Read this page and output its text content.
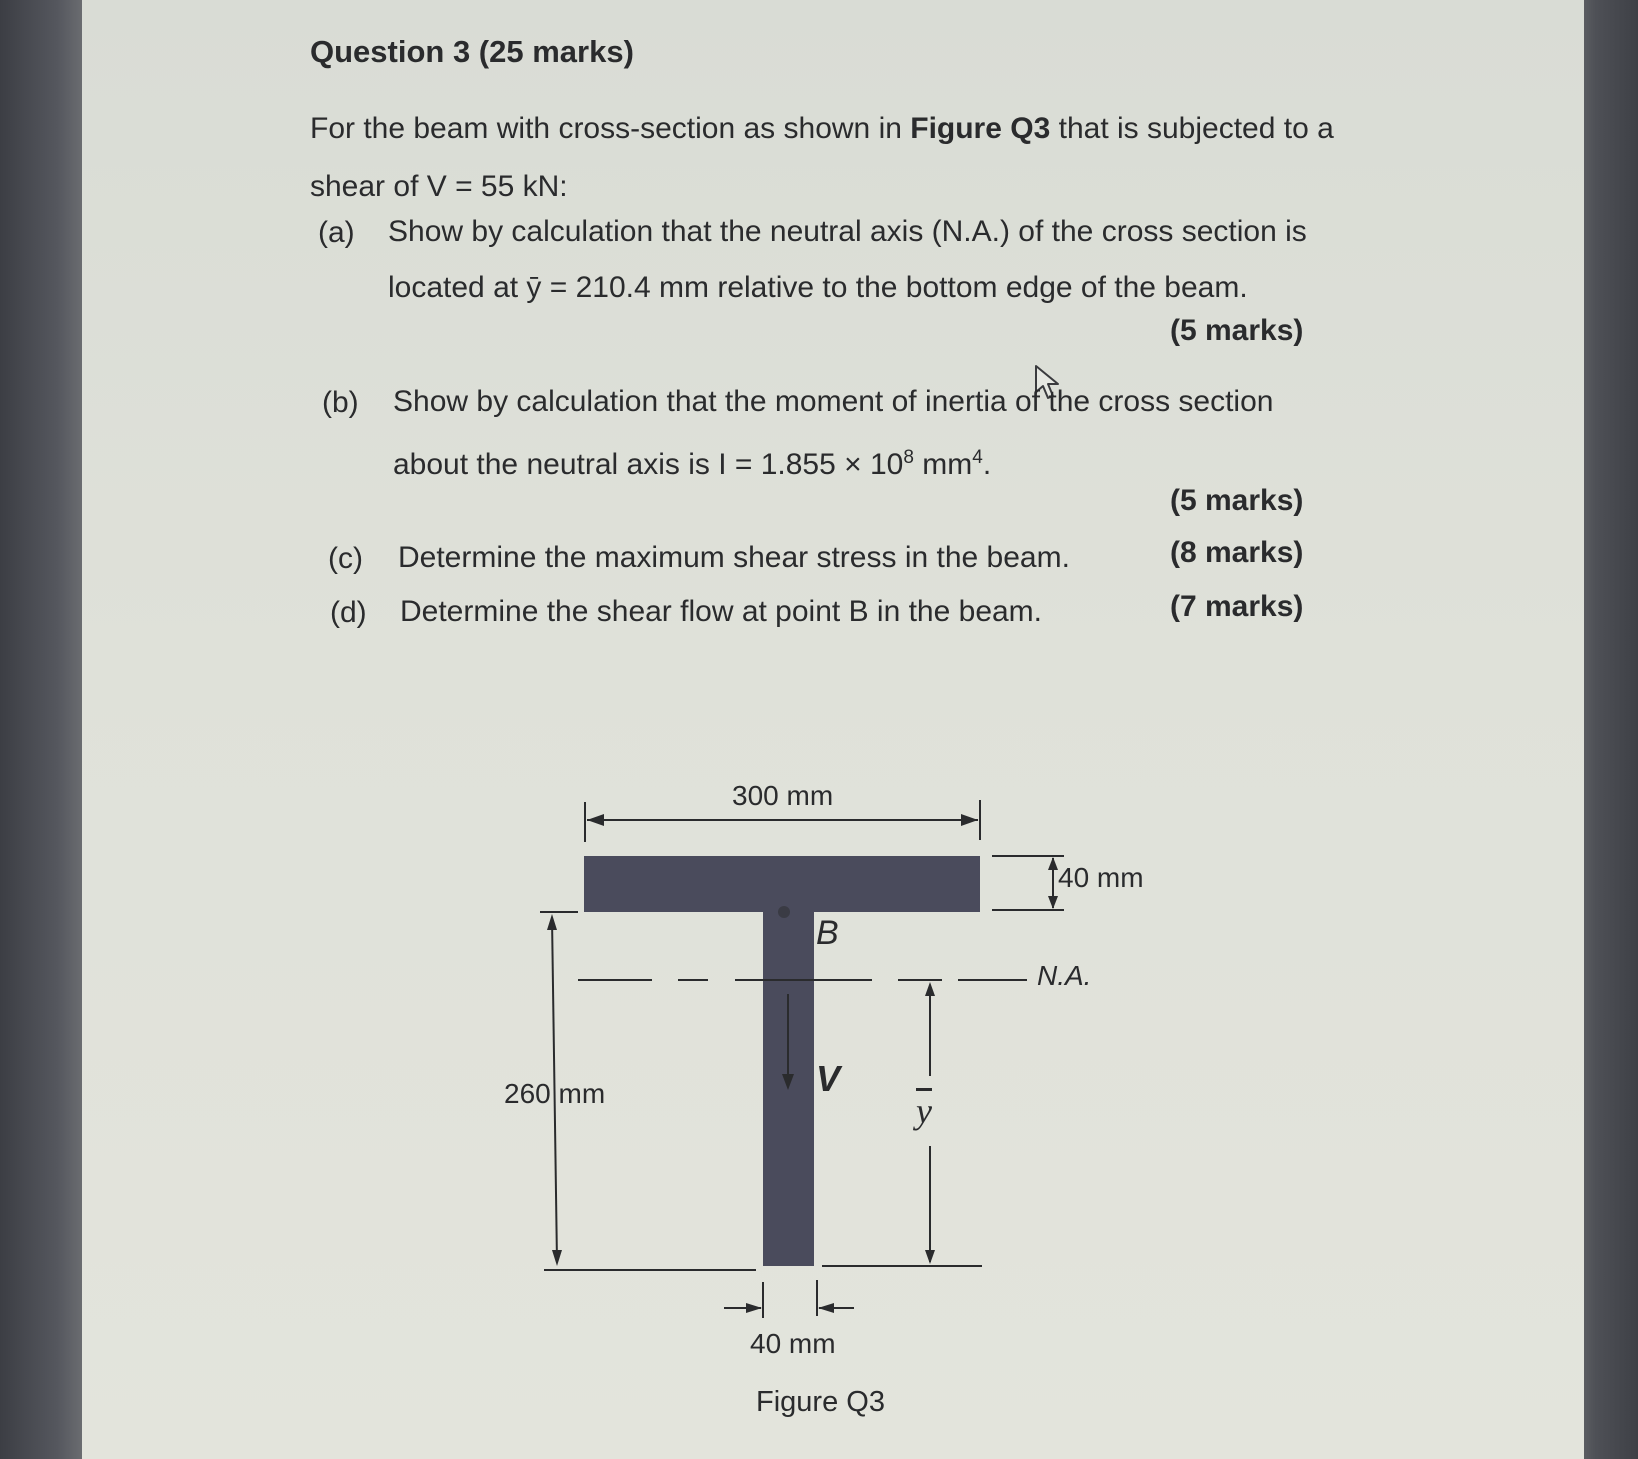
Question 3 (25 marks)
For the beam with cross-section as shown in Figure Q3 that is subjected to a
shear of V = 55 kN:
(a) Show by calculation that the neutral axis (N.A.) of the cross section is
located at ȳ = 210.4 mm relative to the bottom edge of the beam.
(5 marks)
(b) Show by calculation that the moment of inertia of the cross section
about the neutral axis is $I = 1.855 \times 10^8$ $mm^4$.
(5 marks)
(c) Determine the maximum shear stress in the beam.	(8 marks)
(d) Determine the shear flow at point B in the beam.	(7 marks)
300 mm
40 mm
N.A.
B
V
260 mm	$\overline{y}$
40 mm
Figure Q3
